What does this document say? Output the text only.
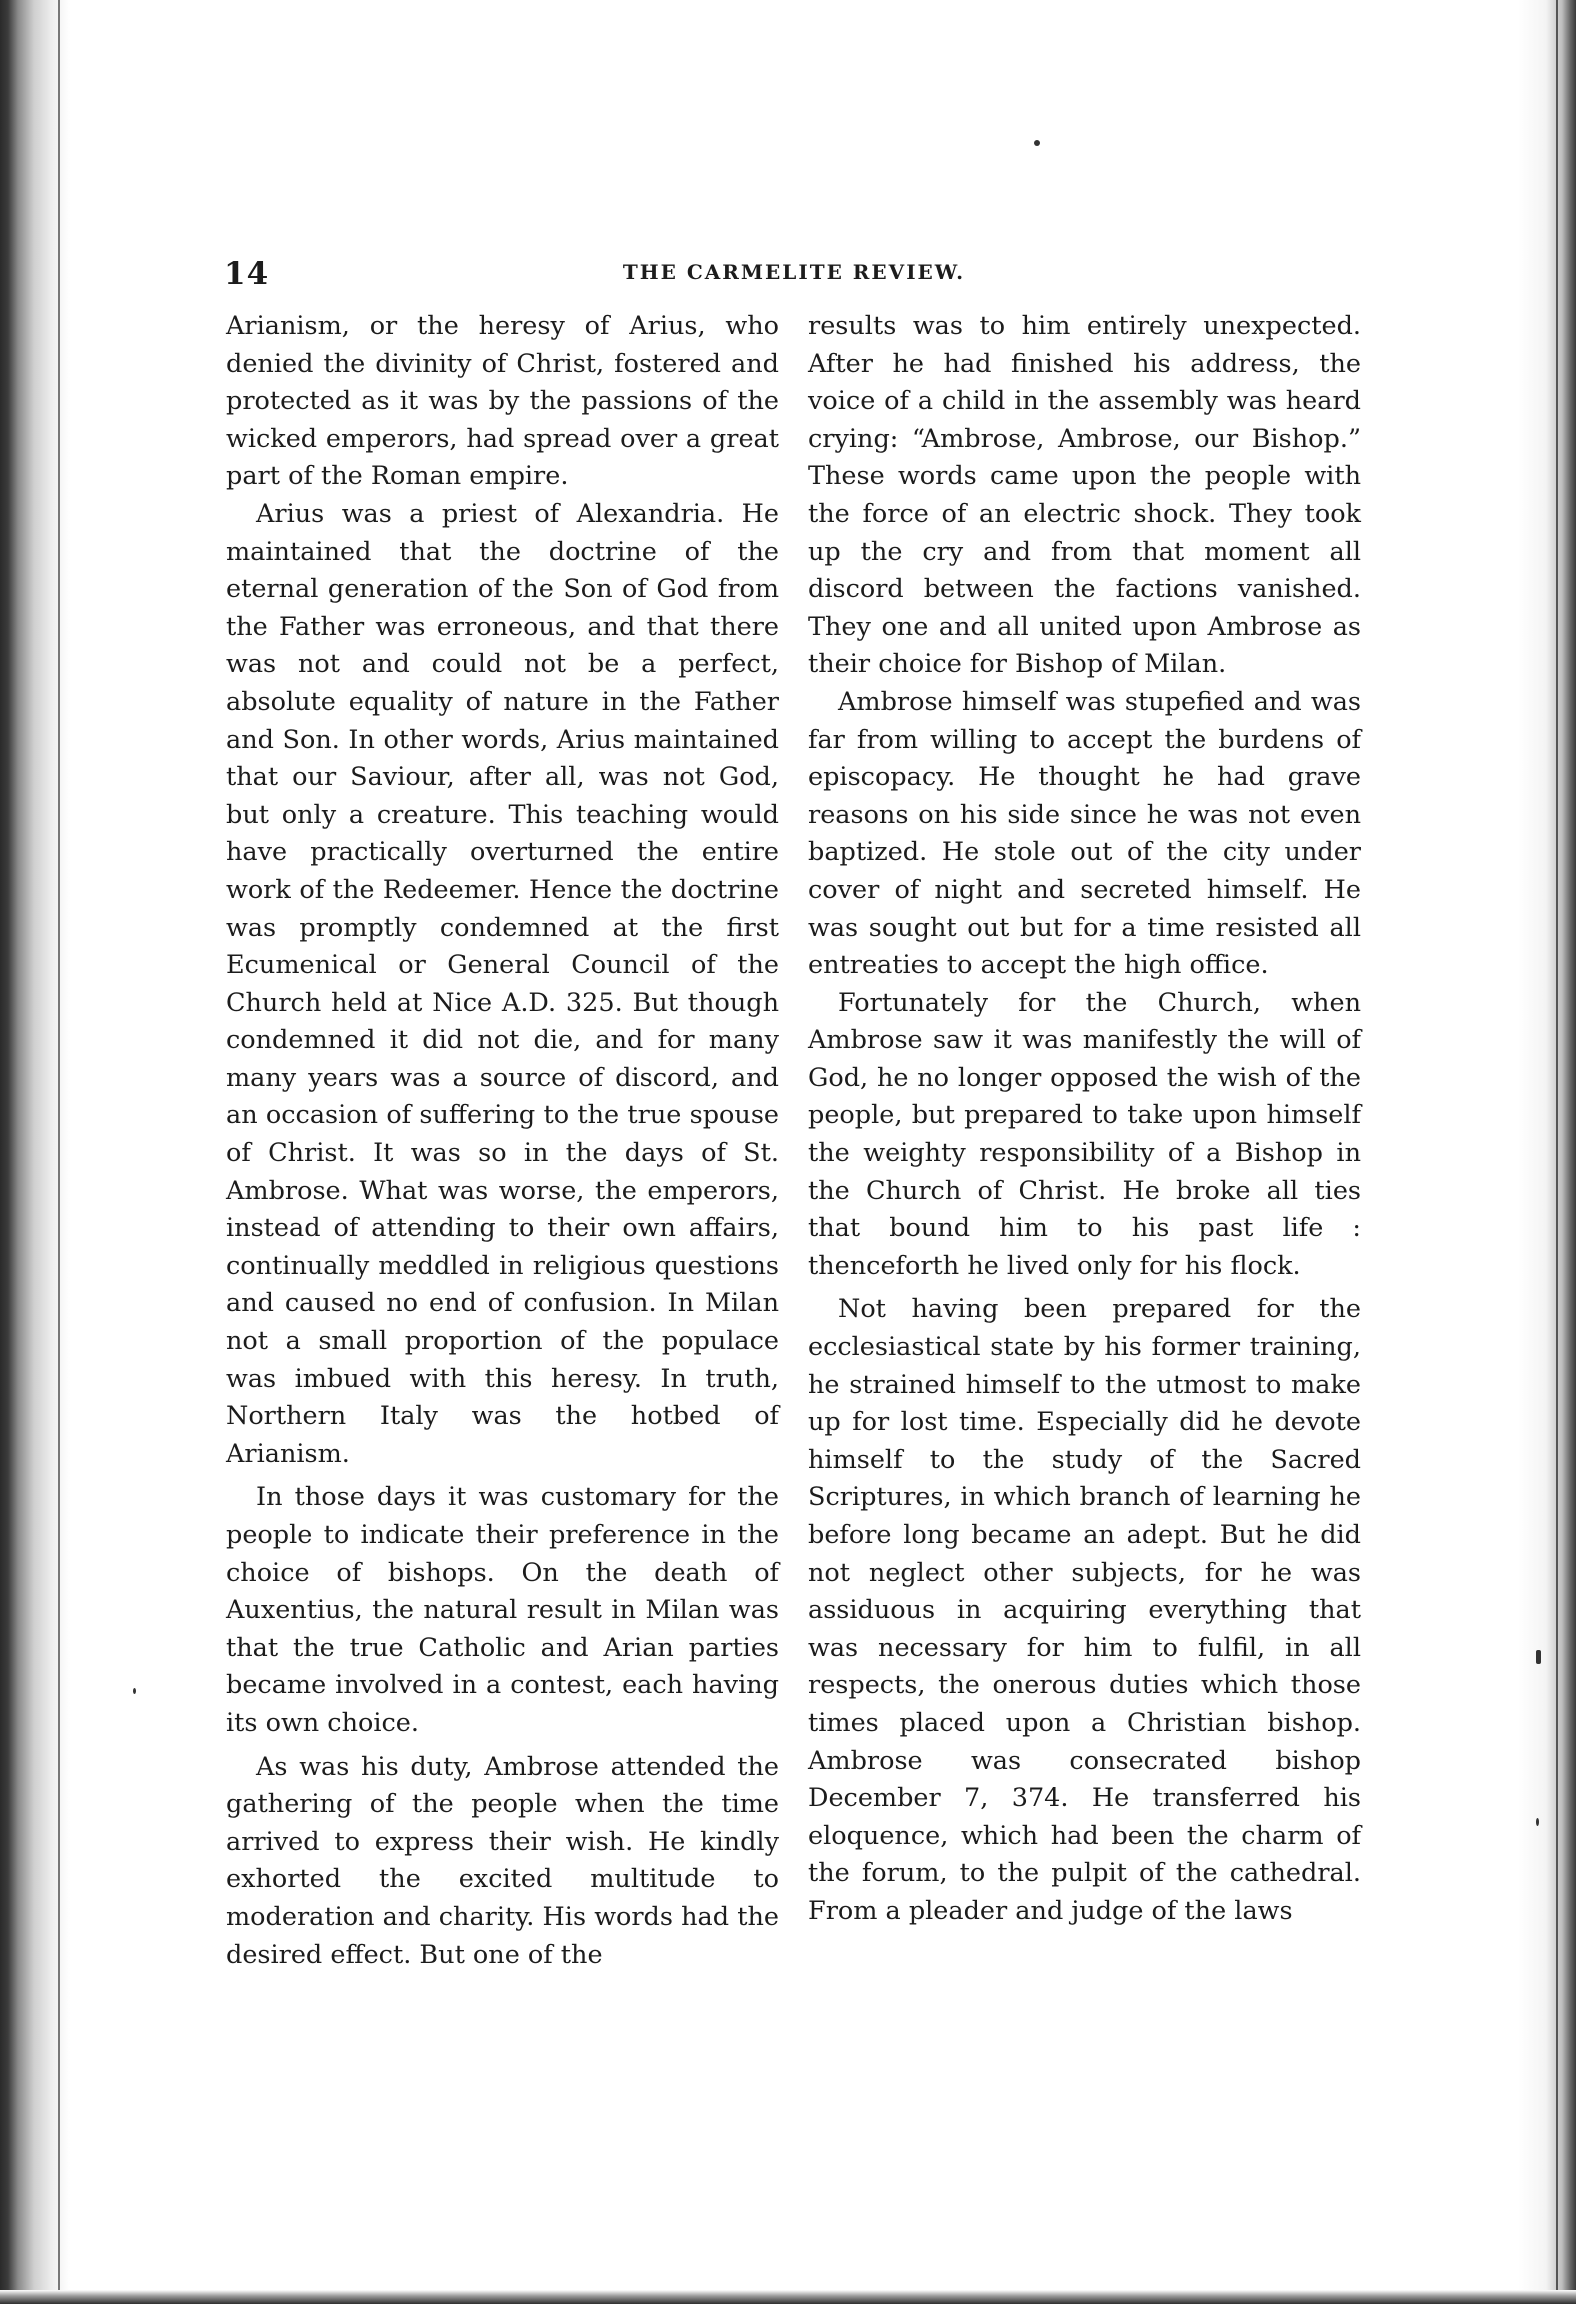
14	THE CARMELITE REVIEW.

Arianism, or the heresy of Arius, who denied the divinity of Christ, fostered and protected as it was by the passions of the wicked emperors, had spread over a great part of the Roman empire.

Arius was a priest of Alexandria. He maintained that the doctrine of the eternal generation of the Son of God from the Father was erroneous, and that there was not and could not be a perfect, absolute equality of nature in the Father and Son. In other words, Arius maintained that our Saviour, after all, was not God, but only a creature. This teaching would have practically overturned the entire work of the Redeemer. Hence the doctrine was promptly condemned at the first Ecumenical or General Council of the Church held at Nice A.D. 325. But though condemned it did not die, and for many many years was a source of discord, and an occasion of suffering to the true spouse of Christ. It was so in the days of St. Ambrose. What was worse, the emperors, instead of attending to their own affairs, continually meddled in religious questions and caused no end of confusion. In Milan not a small proportion of the populace was imbued with this heresy. In truth, Northern Italy was the hotbed of Arianism.

In those days it was customary for the people to indicate their preference in the choice of bishops. On the death of Auxentius, the natural result in Milan was that the true Catholic and Arian parties became involved in a contest, each having its own choice.

As was his duty, Ambrose attended the gathering of the people when the time arrived to express their wish. He kindly exhorted the excited multitude to moderation and charity. His words had the desired effect. But one of the

results was to him entirely unexpected. After he had finished his address, the voice of a child in the assembly was heard crying: “Ambrose, Ambrose, our Bishop.” These words came upon the people with the force of an electric shock. They took up the cry and from that moment all discord between the factions vanished. They one and all united upon Ambrose as their choice for Bishop of Milan.

Ambrose himself was stupefied and was far from willing to accept the burdens of episcopacy. He thought he had grave reasons on his side since he was not even baptized. He stole out of the city under cover of night and secreted himself. He was sought out but for a time resisted all entreaties to accept the high office.

Fortunately for the Church, when Ambrose saw it was manifestly the will of God, he no longer opposed the wish of the people, but prepared to take upon himself the weighty responsibility of a Bishop in the Church of Christ. He broke all ties that bound him to his past life : thenceforth he lived only for his flock.

Not having been prepared for the ecclesiastical state by his former training, he strained himself to the utmost to make up for lost time. Especially did he devote himself to the study of the Sacred Scriptures, in which branch of learning he before long became an adept. But he did not neglect other subjects, for he was assiduous in acquiring everything that was necessary for him to fulfil, in all respects, the onerous duties which those times placed upon a Christian bishop. Ambrose was consecrated bishop December 7, 374. He transferred his eloquence, which had been the charm of the forum, to the pulpit of the cathedral. From a pleader and judge of the laws
